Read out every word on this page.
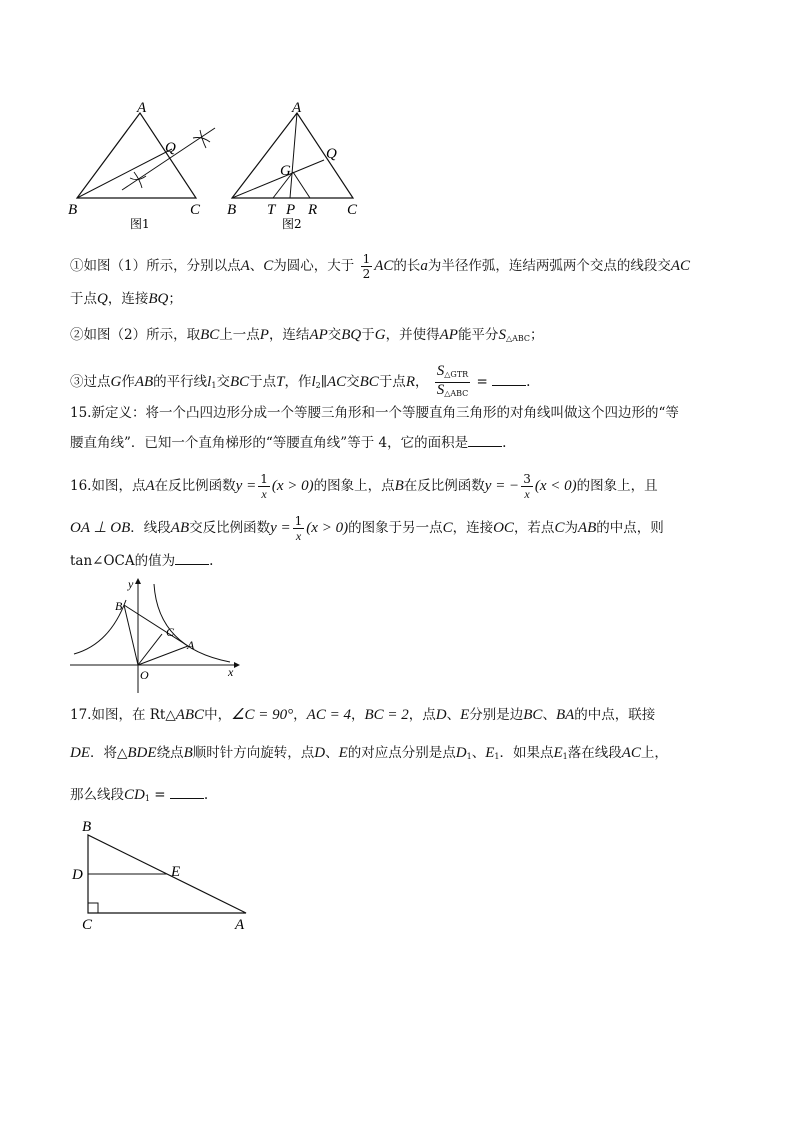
A
B	C
Q
图1
A
B	C
Q
G
T P R
图2
①如图（1）所示，分别以点A、C为圆心，大于 $\frac{1}{2}$ AC的长a为半径作弧，连结两弧两个交点的线段交AC
于点Q，连接BQ；
②如图（2）所示，取BC上一点P，连结AP交BQ于G，并使得AP能平分$S_{\triangle ABC}$；
③过点G作AB的平行线$l_1$交BC于点T，作$l_2\parallel AC$交BC于点R， $\frac{S_{\triangle GTR}}{S_{\triangle ABC}}$ =	.
15.新定义：将一个凸四边形分成一个等腰三角形和一个等腰直角三角形的对角线叫做这个四边形的“等
腰直角线”．已知一个直角梯形的“等腰直角线”等于 4，它的面积是	.
16.如图，点A在反比例函数$y = \frac{1}{x} (x > 0)$的图象上，点B在反比例函数y = − $\frac{3}{x} (x < 0)$的图象上，且
OA ⊥ OB．线段AB交反比例函数$y = \frac{1}{x} (x > 0)$的图象于另一点C，连接OC，若点C为AB的中点，则
tan∠OCA的值为	.
y
x
O
B
C
A
17.如图，在 Rt△ABC中，∠C = 90°，AC = 4，BC = 2，点D、E分别是边BC、BA的中点，联接
DE．将△BDE绕点B顺时针方向旋转，点D、E的对应点分别是点$D_1$、$E_1$．如果点$E_1$落在线段AC上，
那么线段$CD_1$ =	.
B
D	E
C	A
